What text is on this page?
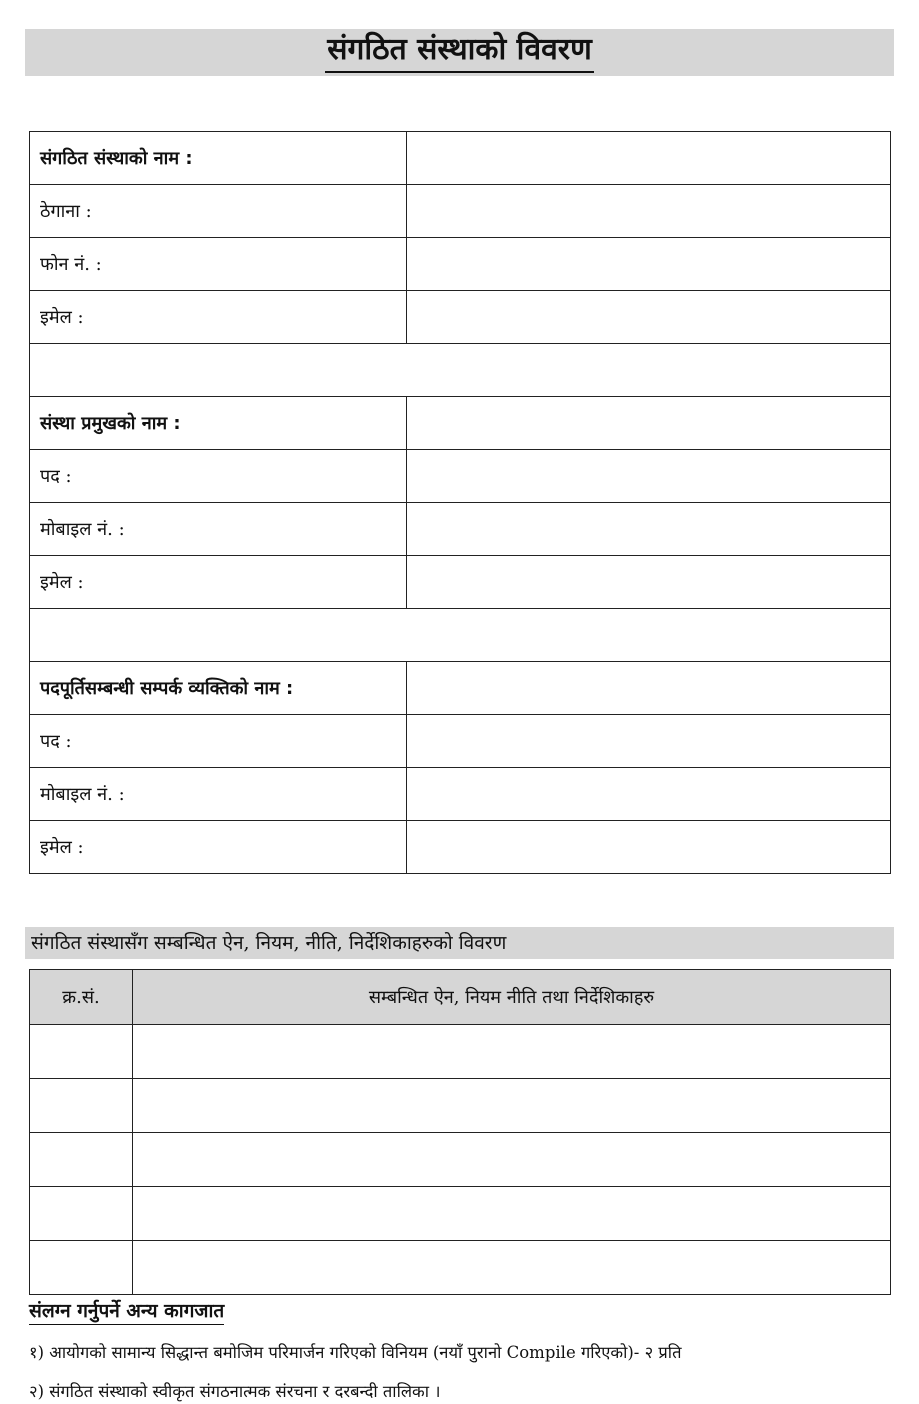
संगठित संस्थाको विवरण
संगठित संस्थाको नाम :	
ठेगाना :	
फोन नं. :	
इमेल :	

संस्था प्रमुखको नाम :	
पद :	
मोबाइल नं. :	
इमेल :	

पदपूर्तिसम्बन्धी सम्पर्क व्यक्तिको नाम :	
पद :	
मोबाइल नं. :	
इमेल :	
संगठित संस्थासँग सम्बन्धित ऐन, नियम, नीति, निर्देशिकाहरुको विवरण
क्र.सं.	सम्बन्धित ऐन, नियम नीति तथा निर्देशिकाहरु

संलग्न गर्नुपर्ने अन्य कागजात
१) आयोगको सामान्य सिद्धान्त बमोजिम परिमार्जन गरिएको विनियम (नयाँ पुरानो Compile गरिएको)- २ प्रति
२) संगठित संस्थाको स्वीकृत संगठनात्मक संरचना र दरबन्दी तालिका ।
